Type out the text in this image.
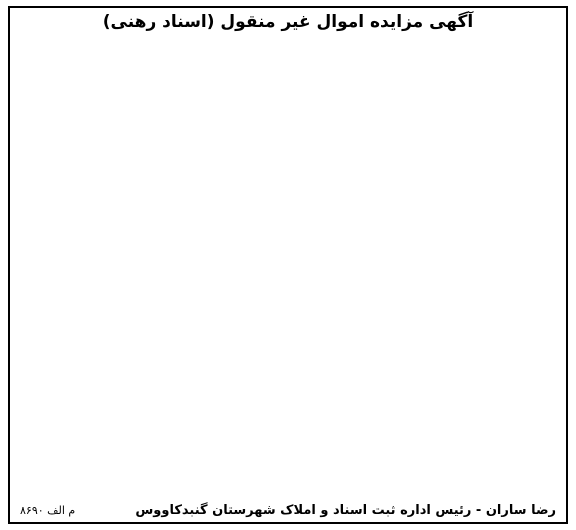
آگهی مزایده اموال غیر منقول (اسناد رهنی)
رضا ساران - رئیس اداره ثبت اسناد و املاک شهرستان گنبدکاووس
م الف ۸۶۹۰
